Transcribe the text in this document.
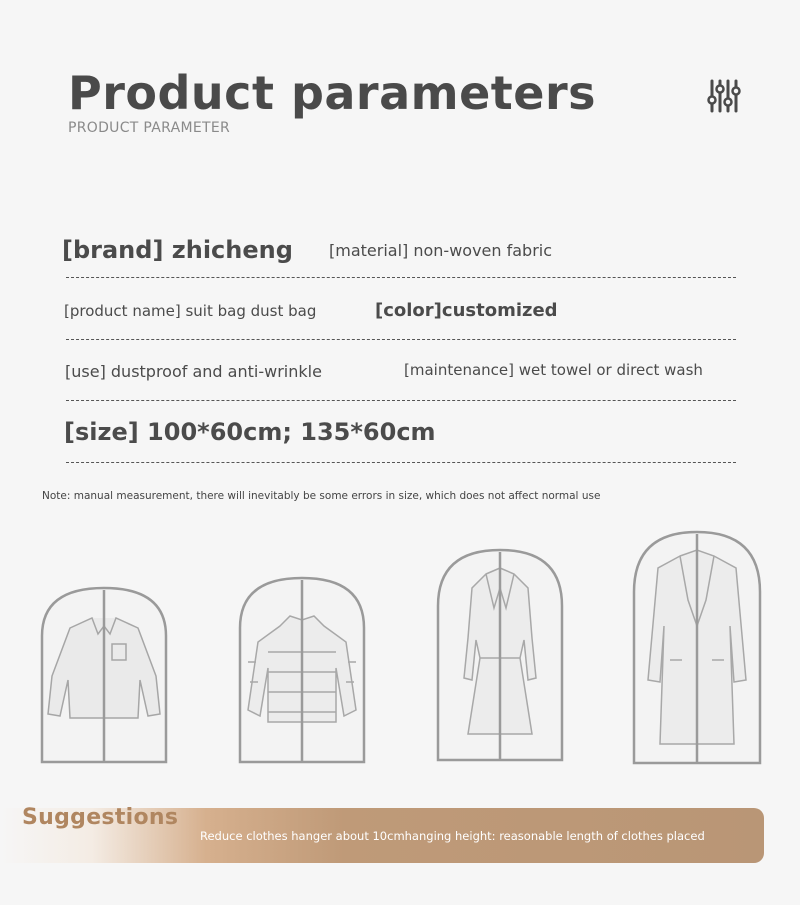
Product parameters
PRODUCT PARAMETER
[brand] zhicheng [material] non-woven fabric
[product name] suit bag dust bag	[color]customized
[use] dustproof and anti-wrinkle	[maintenance] wet towel or direct wash
[size] 100*60cm; 135*60cm
Note: manual measurement, there will inevitably be some errors in size, which does not affect normal use
Suggestions
Reduce clothes hanger about 10cmhanging height: reasonable length of clothes placed
